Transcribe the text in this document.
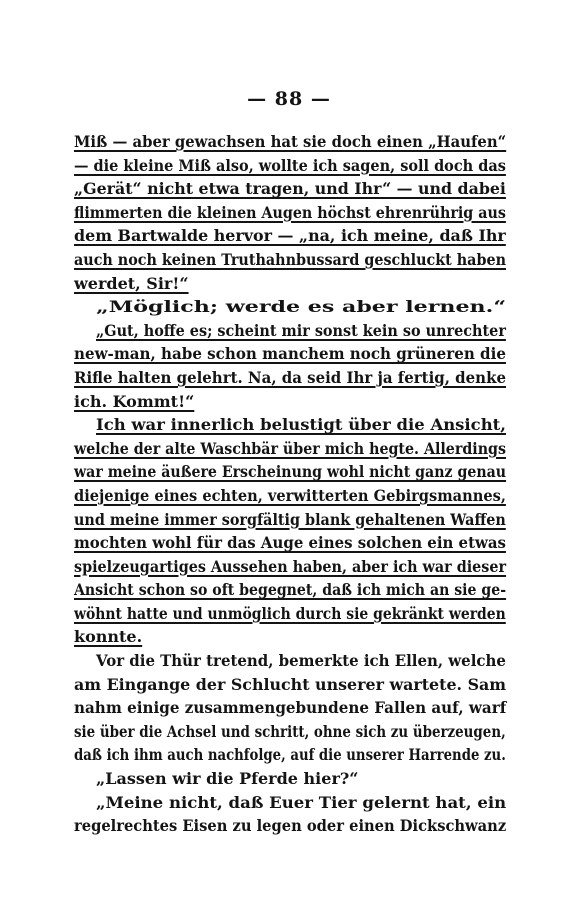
— 88 —
Miß — aber gewachsen hat sie doch einen „Haufen“
— die kleine Miß also, wollte ich sagen, soll doch das
„Gerät“ nicht etwa tragen, und Ihr“ — und dabei
flimmerten die kleinen Augen höchst ehrenrührig aus
dem Bartwalde hervor — „na, ich meine, daß Ihr
auch noch keinen Truthahnbussard geschluckt haben
werdet, Sir!“
„Möglich; werde es aber lernen.“
„Gut, hoffe es; scheint mir sonst kein so unrechter
new-man, habe schon manchem noch grüneren die
Rifle halten gelehrt. Na, da seid Ihr ja fertig, denke
ich. Kommt!“
Ich war innerlich belustigt über die Ansicht,
welche der alte Waschbär über mich hegte. Allerdings
war meine äußere Erscheinung wohl nicht ganz genau
diejenige eines echten, verwitterten Gebirgsmannes,
und meine immer sorgfältig blank gehaltenen Waffen
mochten wohl für das Auge eines solchen ein etwas
spielzeugartiges Aussehen haben, aber ich war dieser
Ansicht schon so oft begegnet, daß ich mich an sie ge-
wöhnt hatte und unmöglich durch sie gekränkt werden
konnte.
Vor die Thür tretend, bemerkte ich Ellen, welche
am Eingange der Schlucht unserer wartete. Sam
nahm einige zusammengebundene Fallen auf, warf
sie über die Achsel und schritt, ohne sich zu überzeugen,
daß ich ihm auch nachfolge, auf die unserer Harrende zu.
„Lassen wir die Pferde hier?“
„Meine nicht, daß Euer Tier gelernt hat, ein
regelrechtes Eisen zu legen oder einen Dickschwanz
